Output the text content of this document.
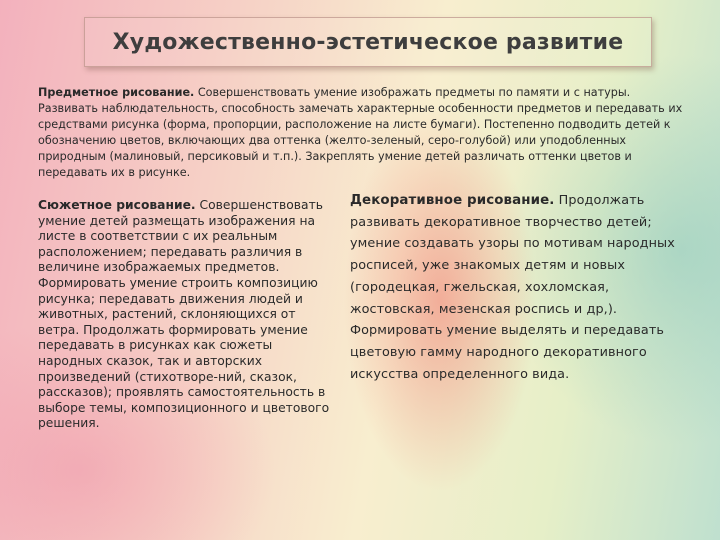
Художественно-эстетическое развитие
Предметное рисование. Совершенствовать умение изображать предметы по памяти и с натуры. Развивать наблюдательность, способность замечать характерные особенности предметов и передавать их средствами рисунка (форма, пропорции, расположение на листе бумаги). Постепенно подводить детей к обозначению цветов, включающих два оттенка (желто-зеленый, серо-голубой) или уподобленных природным (малиновый, персиковый и т.п.). Закреплять умение детей различать оттенки цветов и передавать их в рисунке.
Сюжетное рисование. Совершенствовать умение детей размещать изображения на листе в соответствии с их реальным расположением; передавать различия в величине изображаемых предметов. Формировать умение строить композицию рисунка; передавать движения людей и животных, растений, склоняющихся от ветра. Продолжать формировать умение передавать в рисунках как сюжеты народных сказок, так и авторских произведений (стихотворе-ний, сказок, рассказов); проявлять самостоятельность в выборе темы, композиционного и цветового решения.
Декоративное рисование. Продолжать развивать декоративное творчество детей; умение создавать узоры по мотивам народных росписей, уже знакомых детям и новых (городецкая, гжельская, хохломская, жостовская, мезенская роспись и др,). Формировать умение выделять и передавать цветовую гамму народного декоративного искусства определенного вида.
